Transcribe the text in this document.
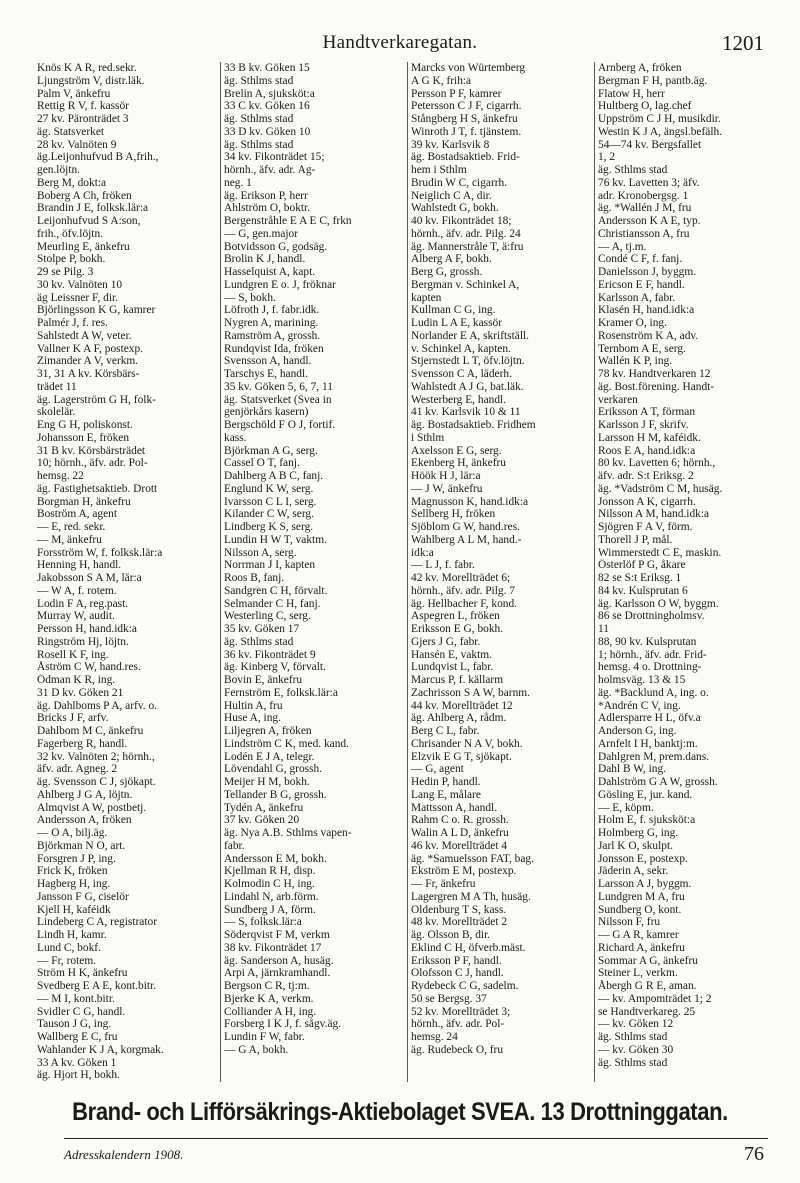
Handtverkaregatan.	1201
Knös K A R, red.sekr.
Ljungström V, distr.läk.
Palm V, änkefru
Rettig R V, f. kassör
27 kv. Päronträdet 3
äg. Statsverket
28 kv. Valnöten 9
äg.Leijonhufvud B A,frih.,
gen.löjtn.
Berg M, dokt:a
Boberg A Ch, fröken
Brandin J E, folksk.lär:a
Leijonhufvud S A:son,
frih., öfv.löjtn.
Meurling E, änkefru
Stolpe P, bokh.
29 se Pilg. 3
30 kv. Valnöten 10
äg Leissner F, dir.
Björlingsson K G, kamrer
Palmér J, f. res.
Sahlstedt A W, veter.
Vallner K A F, postexp.
Zimander A V, verkm.
31, 31 A kv. Körsbärs-
trädet 11
äg. Lagerström G H, folk-
skolelär.
Eng G H, poliskonst.
Johansson E, fröken
31 B kv. Körsbärsträdet
10; hörnh., äfv. adr. Pol-
hemsg. 22
äg. Fastighetsaktieb. Drott
Borgman H, änkefru
Boström A, agent
— E, red. sekr.
— M, änkefru
Forsström W, f. folksk.lär:a
Henning H, handl.
Jakobsson S A M, lär:a
— W A, f. rotem.
Lodin F A, reg.past.
Murray W, audit.
Persson H, hand.idk:a
Ringström Hj, löjtn.
Rosell K F, ing.
Åström C W, hand.res.
Ödman K R, ing.
31 D kv. Göken 21
äg. Dahlboms P A, arfv. o.
Bricks J F, arfv.
Dahlbom M C, änkefru
Fagerberg R, handl.
32 kv. Valnöten 2; hörnh.,
äfv. adr. Agneg. 2
äg. Svensson C J, sjökapt.
Ahlberg J G A, löjtn.
Almqvist A W, postbetj.
Andersson A, fröken
— O A, bilj.äg.
Björkman N O, art.
Forsgren J P, ing.
Frick K, fröken
Hagberg H, ing.
Jansson F G, ciselör
Kjell H, kaféidk
Lindeberg C A, registrator
Lindh H, kamr.
Lund C, bokf.
— Fr, rotem.
Ström H K, änkefru
Svedberg E A E, kont.bitr.
— M I, kont.bitr.
Svidler C G, handl.
Tauson J G, ing.
Wallberg E C, fru
Wahlander K J A, korgmak.
33 A kv. Göken 1
äg. Hjort H, bokh.
33 B kv. Göken 15
äg. Sthlms stad
Brelin A, sjuksköt:a
33 C kv. Göken 16
äg. Sthlms stad
33 D kv. Göken 10
äg. Sthlms stad
34 kv. Fikonträdet 15;
hörnh., äfv. adr. Ag-
neg. 1
äg. Erikson P, herr
Ahlström O, boktr.
Bergenstråhle E A E C, frkn
— G, gen.major
Botvidsson G, godsäg.
Brolin K J, handl.
Hasselquist A, kapt.
Lundgren E o. J, fröknar
— S, bokh.
Löfroth J, f. fabr.idk.
Nygren A, marining.
Ramström A, grossh.
Rundqvist Ida, fröken
Svensson A, handl.
Tarschys E, handl.
35 kv. Göken 5, 6, 7, 11
äg. Statsverket (Svea in
genjörkårs kasern)
Bergschöld F O J, fortif.
kass.
Björkman A G, serg.
Cassel O T, fanj.
Dahlberg A B C, fanj.
Englund K W, serg.
Ivarsson C L I, serg.
Kilander C W, serg.
Lindberg K S, serg.
Lundin H W T, vaktm.
Nilsson A, serg.
Norrman J I, kapten
Roos B, fanj.
Sandgren C H, förvalt.
Selmander C H, fanj.
Westerling C, serg.
35 kv. Göken 17
äg. Sthlms stad
36 kv. Fikonträdet 9
äg. Kinberg V, förvalt.
Bovin E, änkefru
Fernström E, folksk.lär:a
Hultin A, fru
Huse A, ing.
Liljegren A, fröken
Lindström C K, med. kand.
Lodén E J A, telegr.
Lövendahl G, grossh.
Meijer H M, bokh.
Tellander B G, grossh.
Tydén A, änkefru
37 kv. Göken 20
äg. Nya A.B. Sthlms vapen-
fabr.
Andersson E M, bokh.
Kjellman R H, disp.
Kolmodin C H, ing.
Lindahl N, arb.förm.
Sundberg J A, förm.
— S, folksk.lär:a
Söderqvist F M, verkm
38 kv. Fikonträdet 17
äg. Sanderson A, husäg.
Arpi A, järnkramhandl.
Bergson C R, tj:m.
Bjerke K A, verkm.
Colliander A H, ing.
Forsberg I K J, f. sågv.äg.
Lundin F W, fabr.
— G A, bokh.
Marcks von Würtemberg
A G K, frih:a
Persson P F, kamrer
Petersson C J F, cigarrh.
Stångberg H S, änkefru
Winroth J T, f. tjänstem.
39 kv. Karlsvik 8
äg. Bostadsaktieb. Frid-
hem i Sthlm
Brudin W C, cigarrh.
Neiglich C A, dir.
Wahlstedt G, bokh.
40 kv. Fikonträdet 18;
hörnh., äfv. adr. Pilg. 24
äg. Mannerstråle T, ä:fru
Alberg A F, bokh.
Berg G, grossh.
Bergman v. Schinkel A,
kapten
Kullman C G, ing.
Ludin L A E, kassör
Norlander E A, skriftställ.
v. Schinkel A, kapten.
Stjernstedt L T, öfv.löjtn.
Svensson C A, läderh.
Wahlstedt A J G, bat.läk.
Westerberg E, handl.
41 kv. Karlsvik 10 & 11
äg. Bostadsaktieb. Fridhem
i Sthlm
Axelsson E G, serg.
Ekenberg H, änkefru
Höök H J, lär:a
— J W, änkefru
Magnusson K, hand.idk:a
Sellberg H, fröken
Sjöblom G W, hand.res.
Wahlberg A L M, hand.-
idk:a
— L J, f. fabr.
42 kv. Morellträdet 6;
hörnh., äfv. adr. Pilg. 7
äg. Hellbacher F, kond.
Aspegren L, fröken
Eriksson E G, bokh.
Gjers J G, fabr.
Hansén E, vaktm.
Lundqvist L, fabr.
Marcus P, f. källarm
Zachrisson S A W, barnm.
44 kv. Morellträdet 12
äg. Ahlberg A, rådm.
Berg C L, fabr.
Chrisander N A V, bokh.
Elzvik E G T, sjökapt.
— G, agent
Hedin P, handl.
Lang E, målare
Mattsson A, handl.
Rahm C o. R. grossh.
Walin A L D, änkefru
46 kv. Morellträdet 4
äg. *Samuelsson FAT, bag.
Ekström E M, postexp.
— Fr, änkefru
Lagergren M A Th, husäg.
Oldenburg T S, kass.
48 kv. Morellträdet 2
äg. Olsson B, dir.
Eklind C H, öfverb.mäst.
Eriksson P F, handl.
Olofsson C J, handl.
Rydebeck C G, sadelm.
50 se Bergsg. 37
52 kv. Morellträdet 3;
hörnh., äfv. adr. Pol-
hemsg. 24
äg. Rudebeck O, fru
Arnberg A, fröken
Bergman F H, pantb.äg.
Flatow H, herr
Hultberg O, lag.chef
Uppström C J H, musikdir.
Westin K J A, ängsl.befälh.
54—74 kv. Bergsfallet
1, 2
äg. Sthlms stad
76 kv. Lavetten 3; äfv.
adr. Kronobergsg. 1
äg. *Wallén J M, fru
Andersson K A E, typ.
Christiansson A, fru
— A, tj.m.
Condé C F, f. fanj.
Danielsson J, byggm.
Ericson E F, handl.
Karlsson A, fabr.
Klasén H, hand.idk:a
Kramer O, ing.
Rosenström K A, adv.
Ternbom A E, serg.
Wallén K P, ing.
78 kv. Handtverkaren 12
äg. Bost.förening. Handt-
verkaren
Eriksson A T, förman
Karlsson J F, skrifv.
Larsson H M, kaféidk.
Roos E A, hand.idk:a
80 kv. Lavetten 6; hörnh.,
äfv. adr. S:t Eriksg. 2
äg. *Vadström C M, husäg.
Jonsson A K, cigarrh.
Nilsson A M, hand.idk:a
Sjögren F A V, förm.
Thorell J P, mål.
Wimmerstedt C E, maskin.
Österlöf P G, åkare
82 se S:t Eriksg. 1
84 kv. Kulsprutan 6
äg. Karlsson O W, byggm.
86 se Drottningholmsv.
11
88, 90 kv. Kulsprutan
1; hörnh., äfv. adr. Frid-
hemsg. 4 o. Drottning-
holmsväg. 13 & 15
äg. *Backlund A, ing. o.
*Andrén C V, ing.
Adlersparre H L, öfv.a
Anderson G, ing.
Arnfelt I H, banktj:m.
Dahlgren M, prem.dans.
Dahl B W, ing.
Dahlström G A W, grossh.
Gösling E, jur. kand.
— E, köpm.
Holm E, f. sjuksköt:a
Holmberg G, ing.
Jarl K O, skulpt.
Jonsson E, postexp.
Jäderin A, sekr.
Larsson A J, byggm.
Lundgren M A, fru
Sundberg O, kont.
Nilsson F, fru
— G A R, kamrer
Richard A, änkefru
Sommar A G, änkefru
Steiner L, verkm.
Åbergh G R E, aman.
— kv. Ampomträdet 1; 2
se Handtverkareg. 25
— kv. Göken 12
äg. Sthlms stad
— kv. Göken 30
äg. Sthlms stad
Brand- och Lifförsäkrings-Aktiebolaget SVEA. 13 Drottninggatan.
Adresskalendern 1908.	76
